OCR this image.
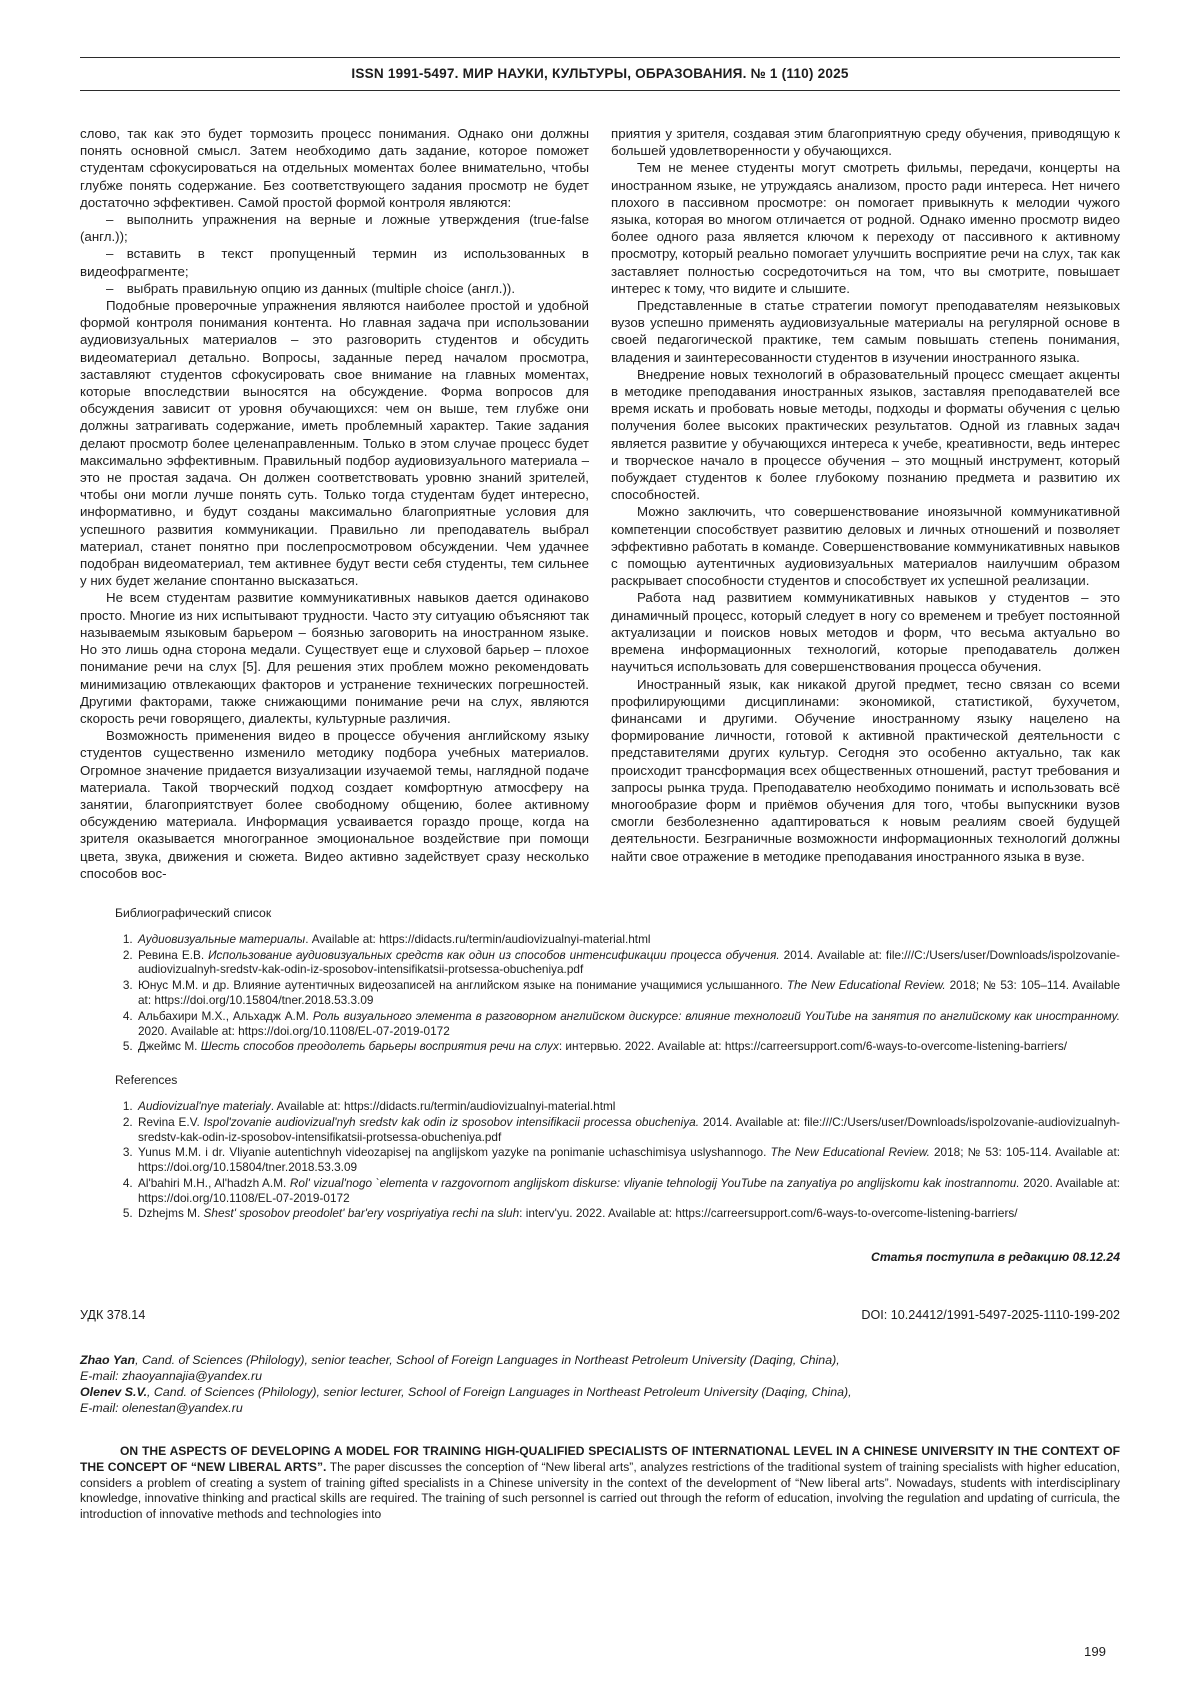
ISSN 1991-5497. МИР НАУКИ, КУЛЬТУРЫ, ОБРАЗОВАНИЯ. № 1 (110) 2025

слово, так как это будет тормозить процесс понимания. Однако они должны понять основной смысл. Затем необходимо дать задание, которое поможет студентам сфокусироваться на отдельных моментах более внимательно, чтобы глубже понять содержание. Без соответствующего задания просмотр не будет достаточно эффективен. Самой простой формой контроля являются:

– выполнить упражнения на верные и ложные утверждения (true-false (англ.));

– вставить в текст пропущенный термин из использованных в видеофрагменте;

– выбрать правильную опцию из данных (multiple choice (англ.)).

Подобные проверочные упражнения являются наиболее простой и удобной формой контроля понимания контента. Но главная задача при использовании аудиовизуальных материалов – это разговорить студентов и обсудить видеоматериал детально. Вопросы, заданные перед началом просмотра, заставляют студентов сфокусировать свое внимание на главных моментах, которые впоследствии выносятся на обсуждение. Форма вопросов для обсуждения зависит от уровня обучающихся: чем он выше, тем глубже они должны затрагивать содержание, иметь проблемный характер. Такие задания делают просмотр более целенаправленным. Только в этом случае процесс будет максимально эффективным. Правильный подбор аудиовизуального материала – это не простая задача. Он должен соответствовать уровню знаний зрителей, чтобы они могли лучше понять суть. Только тогда студентам будет интересно, информативно, и будут созданы максимально благоприятные условия для успешного развития коммуникации. Правильно ли преподаватель выбрал материал, станет понятно при послепросмотровом обсуждении. Чем удачнее подобран видеоматериал, тем активнее будут вести себя студенты, тем сильнее у них будет желание спонтанно высказаться.

Не всем студентам развитие коммуникативных навыков дается одинаково просто. Многие из них испытывают трудности. Часто эту ситуацию объясняют так называемым языковым барьером – боязнью заговорить на иностранном языке. Но это лишь одна сторона медали. Существует еще и слуховой барьер – плохое понимание речи на слух [5]. Для решения этих проблем можно рекомендовать минимизацию отвлекающих факторов и устранение технических погрешностей. Другими факторами, также снижающими понимание речи на слух, являются скорость речи говорящего, диалекты, культурные различия.

Возможность применения видео в процессе обучения английскому языку студентов существенно изменило методику подбора учебных материалов. Огромное значение придается визуализации изучаемой темы, наглядной подаче материала. Такой творческий подход создает комфортную атмосферу на занятии, благоприятствует более свободному общению, более активному обсуждению материала. Информация усваивается гораздо проще, когда на зрителя оказывается многогранное эмоциональное воздействие при помощи цвета, звука, движения и сюжета. Видео активно задействует сразу несколько способов вос-

приятия у зрителя, создавая этим благоприятную среду обучения, приводящую к большей удовлетворенности у обучающихся.

Тем не менее студенты могут смотреть фильмы, передачи, концерты на иностранном языке, не утруждаясь анализом, просто ради интереса. Нет ничего плохого в пассивном просмотре: он помогает привыкнуть к мелодии чужого языка, которая во многом отличается от родной. Однако именно просмотр видео более одного раза является ключом к переходу от пассивного к активному просмотру, который реально помогает улучшить восприятие речи на слух, так как заставляет полностью сосредоточиться на том, что вы смотрите, повышает интерес к тому, что видите и слышите.

Представленные в статье стратегии помогут преподавателям неязыковых вузов успешно применять аудиовизуальные материалы на регулярной основе в своей педагогической практике, тем самым повышать степень понимания, владения и заинтересованности студентов в изучении иностранного языка.

Внедрение новых технологий в образовательный процесс смещает акценты в методике преподавания иностранных языков, заставляя преподавателей все время искать и пробовать новые методы, подходы и форматы обучения с целью получения более высоких практических результатов. Одной из главных задач является развитие у обучающихся интереса к учебе, креативности, ведь интерес и творческое начало в процессе обучения – это мощный инструмент, который побуждает студентов к более глубокому познанию предмета и развитию их способностей.

Можно заключить, что совершенствование иноязычной коммуникативной компетенции способствует развитию деловых и личных отношений и позволяет эффективно работать в команде. Совершенствование коммуникативных навыков с помощью аутентичных аудиовизуальных материалов наилучшим образом раскрывает способности студентов и способствует их успешной реализации.

Работа над развитием коммуникативных навыков у студентов – это динамичный процесс, который следует в ногу со временем и требует постоянной актуализации и поисков новых методов и форм, что весьма актуально во времена информационных технологий, которые преподаватель должен научиться использовать для совершенствования процесса обучения.

Иностранный язык, как никакой другой предмет, тесно связан со всеми профилирующими дисциплинами: экономикой, статистикой, бухучетом, финансами и другими. Обучение иностранному языку нацелено на формирование личности, готовой к активной практической деятельности с представителями других культур. Сегодня это особенно актуально, так как происходит трансформация всех общественных отношений, растут требования и запросы рынка труда. Преподавателю необходимо понимать и использовать всё многообразие форм и приёмов обучения для того, чтобы выпускники вузов смогли безболезненно адаптироваться к новым реалиям своей будущей деятельности. Безграничные возможности информационных технологий должны найти свое отражение в методике преподавания иностранного языка в вузе.

Библиографический список

1. Аудиовизуальные материалы. Available at: https://didacts.ru/termin/audiovizualnyi-material.html
2. Ревина Е.В. Использование аудиовизуальных средств как один из способов интенсификации процесса обучения. 2014. Available at: file:///C:/Users/user/Downloads/ispolzovanie-audiovizualnyh-sredstv-kak-odin-iz-sposobov-intensifikatsii-protsessa-obucheniya.pdf
3. Юнус М.М. и др. Влияние аутентичных видеозаписей на английском языке на понимание учащимися услышанного. The New Educational Review. 2018; № 53: 105–114. Available at: https://doi.org/10.15804/tner.2018.53.3.09
4. Альбахири М.Х., Альхадж А.М. Роль визуального элемента в разговорном английском дискурсе: влияние технологий YouTube на занятия по английскому как иностранному. 2020. Available at: https://doi.org/10.1108/EL-07-2019-0172
5. Джеймс М. Шесть способов преодолеть барьеры восприятия речи на слух: интервью. 2022. Available at: https://carreersupport.com/6-ways-to-overcome-listening-barriers/

References

1. Audiovizual'nye materialy. Available at: https://didacts.ru/termin/audiovizualnyi-material.html
2. Revina E.V. Ispol'zovanie audiovizual'nyh sredstv kak odin iz sposobov intensifikacii processa obucheniya. 2014. Available at: file:///C:/Users/user/Downloads/ispolzovanie-audiovizualnyh-sredstv-kak-odin-iz-sposobov-intensifikatsii-protsessa-obucheniya.pdf
3. Yunus M.M. i dr. Vliyanie autentichnyh videozapisej na anglijskom yazyke na ponimanie uchaschimisya uslyshannogo. The New Educational Review. 2018; № 53: 105-114. Available at: https://doi.org/10.15804/tner.2018.53.3.09
4. Al'bahiri M.H., Al'hadzh A.M. Rol' vizual'nogo `elementa v razgovornom anglijskom diskurse: vliyanie tehnologij YouTube na zanyatiya po anglijskomu kak inostrannomu. 2020. Available at: https://doi.org/10.1108/EL-07-2019-0172
5. Dzhejms M. Shest' sposobov preodolet' bar'ery vospriyatiya rechi na sluh: interv'yu. 2022. Available at: https://carreersupport.com/6-ways-to-overcome-listening-barriers/

Статья поступила в редакцию 08.12.24

УДК 378.14	DOI: 10.24412/1991-5497-2025-1110-199-202

Zhao Yan, Cand. of Sciences (Philology), senior teacher, School of Foreign Languages in Northeast Petroleum University (Daqing, China),

E-mail: zhaoyannajia@yandex.ru

Olenev S.V., Cand. of Sciences (Philology), senior lecturer, School of Foreign Languages in Northeast Petroleum University (Daqing, China),

E-mail: olenestan@yandex.ru

ON THE ASPECTS OF DEVELOPING A MODEL FOR TRAINING HIGH-QUALIFIED SPECIALISTS OF INTERNATIONAL LEVEL IN A CHINESE UNIVERSITY IN THE CONTEXT OF THE CONCEPT OF “NEW LIBERAL ARTS”. The paper discusses the conception of “New liberal arts”, analyzes restrictions of the traditional system of training specialists with higher education, considers a problem of creating a system of training gifted specialists in a Chinese university in the context of the development of “New liberal arts”. Nowadays, students with interdisciplinary knowledge, innovative thinking and practical skills are required. The training of such personnel is carried out through the reform of education, involving the regulation and updating of curricula, the introduction of innovative methods and technologies into

199
